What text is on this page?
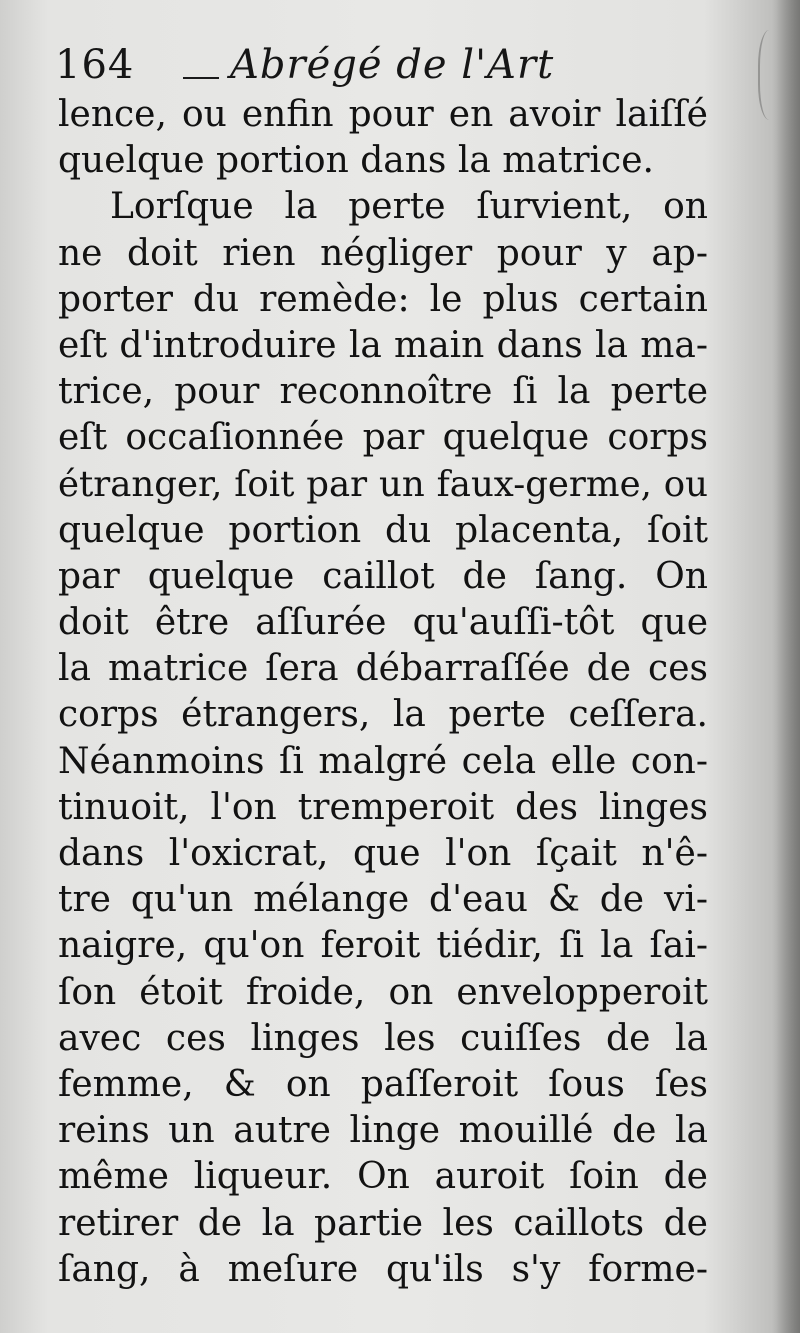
164 Abrégé de l'Art
lence, ou enfin pour en avoir laiſſé
quelque portion dans la matrice.
Lorſque la perte ſurvient, on
ne doit rien négliger pour y ap-
porter du remède: le plus certain
eſt d'introduire la main dans la ma-
trice, pour reconnoître ſi la perte
eſt occaſionnée par quelque corps
étranger, ſoit par un faux-germe, ou
quelque portion du placenta, ſoit
par quelque caillot de ſang. On
doit être aſſurée qu'auſſi-tôt que
la matrice ſera débarraſſée de ces
corps étrangers, la perte ceſſera.
Néanmoins ſi malgré cela elle con-
tinuoit, l'on tremperoit des linges
dans l'oxicrat, que l'on ſçait n'ê-
tre qu'un mélange d'eau & de vi-
naigre, qu'on feroit tiédir, ſi la ſai-
ſon étoit froide, on envelopperoit
avec ces linges les cuiſſes de la
femme, & on paſſeroit ſous ſes
reins un autre linge mouillé de la
même liqueur. On auroit ſoin de
retirer de la partie les caillots de
ſang, à meſure qu'ils s'y forme-
